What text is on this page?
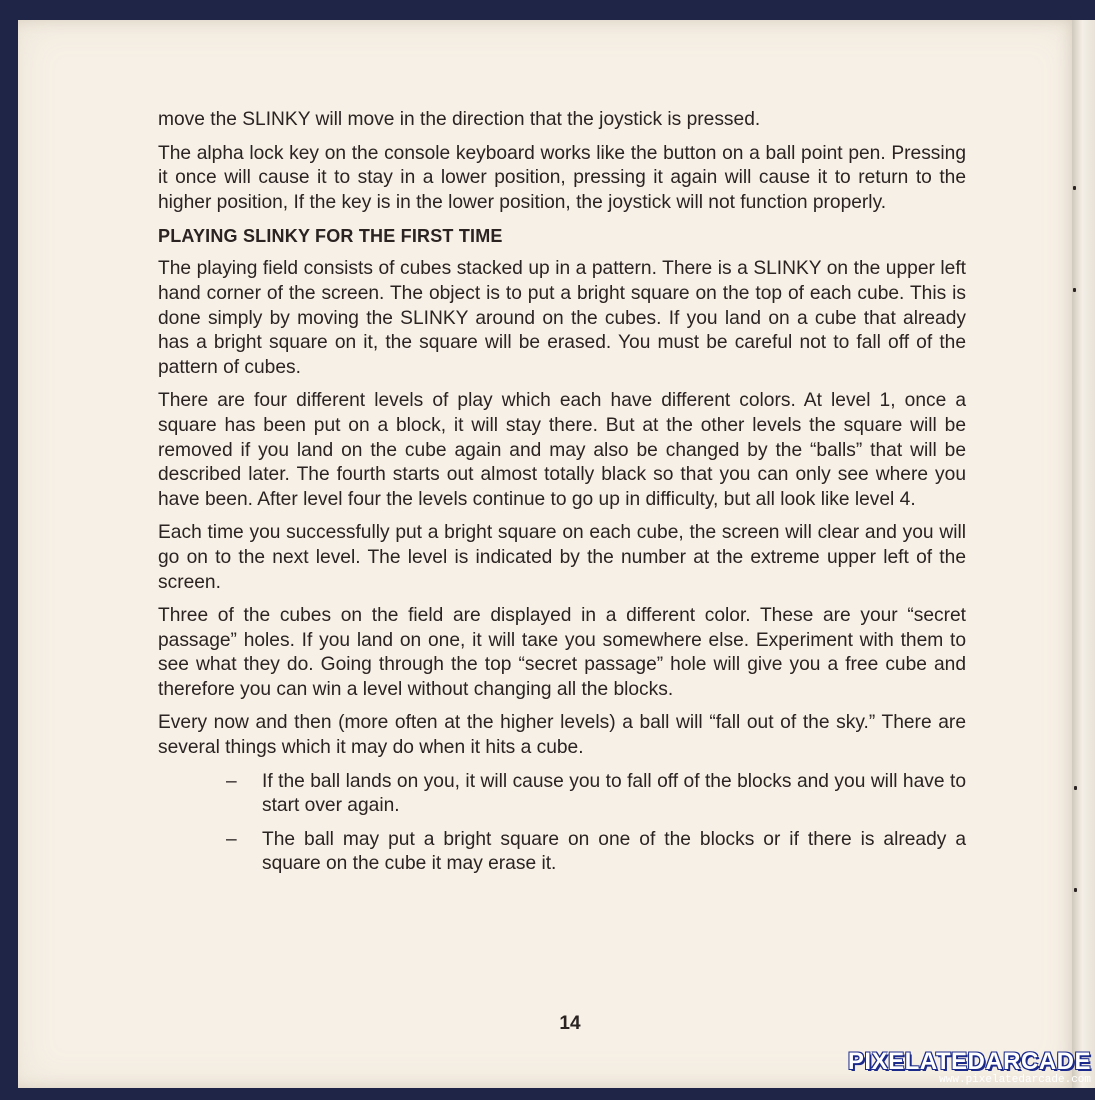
move the SLINKY will move in the direction that the joystick is pressed.

The alpha lock key on the console keyboard works like the button on a ball point pen. Pressing it once will cause it to stay in a lower position, pressing it again will cause it to return to the higher position, If the key is in the lower position, the joystick will not function properly.

PLAYING SLINKY FOR THE FIRST TIME

The playing field consists of cubes stacked up in a pattern. There is a SLINKY on the upper left hand corner of the screen. The object is to put a bright square on the top of each cube. This is done simply by moving the SLINKY around on the cubes. If you land on a cube that already has a bright square on it, the square will be erased. You must be careful not to fall off of the pattern of cubes.

There are four different levels of play which each have different colors. At level 1, once a square has been put on a block, it will stay there. But at the other levels the square will be removed if you land on the cube again and may also be changed by the “balls” that will be described later. The fourth starts out almost totally black so that you can only see where you have been. After level four the levels continue to go up in difficulty, but all look like level 4.

Each time you successfully put a bright square on each cube, the screen will clear and you will go on to the next level. The level is indicated by the number at the extreme upper left of the screen.

Three of the cubes on the field are displayed in a different color. These are your “secret passage” holes. If you land on one, it will taĸe you somewhere else. Experiment with them to see what they do. Going through the top “secret passage” hole will give you a free cube and therefore you can win a level without changing all the blocks.

Every now and then (more often at the higher levels) a ball will “fall out of the sky.” There are several things which it may do when it hits a cube.

– If the ball lands on you, it will cause you to fall off of the blocks and you will have to start over again.
– The ball may put a bright square on one of the blocks or if there is already a square on the cube it may erase it.
14
PIXELATEDARCADE
www.pixelatedarcade.com
